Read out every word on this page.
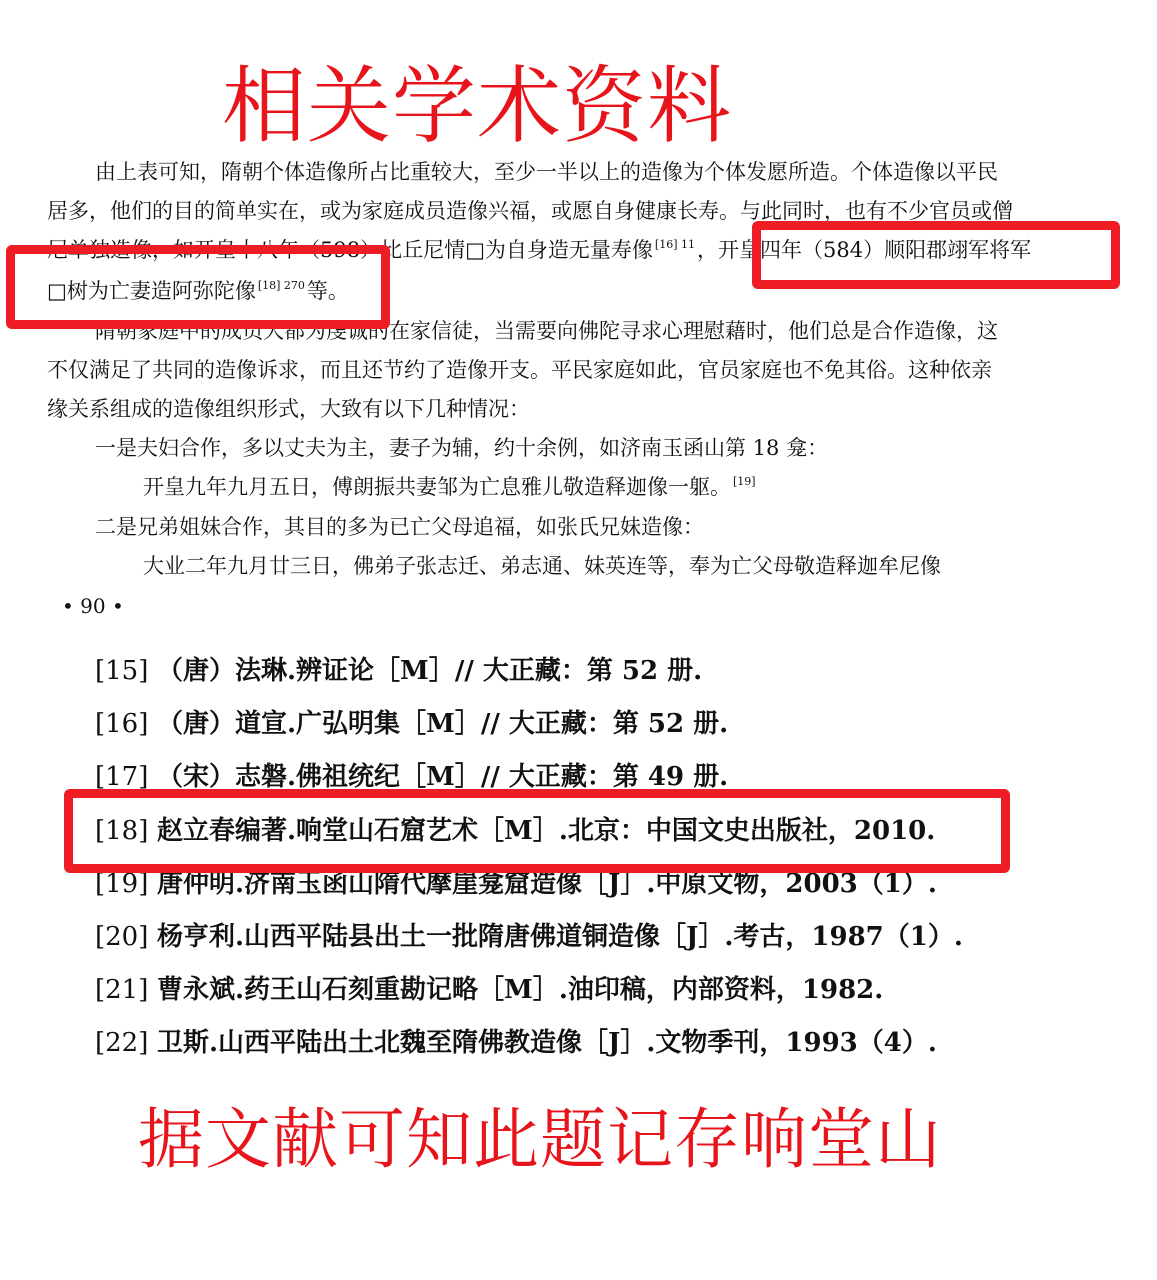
相关学术资料
由上表可知，隋朝个体造像所占比重较大，至少一半以上的造像为个体发愿所造。个体造像以平民
居多，他们的目的简单实在，或为家庭成员造像兴福，或愿自身健康长寿。与此同时，也有不少官员或僧
尼单独造像，如开皇十八年（598）比丘尼情□为自身造无量寿像 $^{[16] 11}$，开皇四年（584）顺阳郡翊军将军
□树为亡妻造阿弥陀像 $^{[18] 270}$等。
隋朝家庭中的成员大都为虔诚的在家信徒，当需要向佛陀寻求心理慰藉时，他们总是合作造像，这
不仅满足了共同的造像诉求，而且还节约了造像开支。平民家庭如此，官员家庭也不免其俗。这种依亲
缘关系组成的造像组织形式，大致有以下几种情况：
一是夫妇合作，多以丈夫为主，妻子为辅，约十余例，如济南玉函山第 18 龛：
开皇九年九月五日，傅朗振共妻邹为亡息雅儿敬造释迦像一躯。 [19]
二是兄弟姐妹合作，其目的多为已亡父母追福，如张氏兄妹造像：
大业二年九月廿三日，佛弟子张志迁、弟志通、妹英连等，奉为亡父母敬造释迦牟尼像
• 90 •
[15] （唐）法琳.辨证论［M］// 大正藏：第 52 册.
[16] （唐）道宣.广弘明集［M］// 大正藏：第 52 册.
[17] （宋）志磐.佛祖统纪［M］// 大正藏：第 49 册.
[18] 赵立春编著.响堂山石窟艺术［M］.北京：中国文史出版社，2010.
[19] 唐仲明.济南玉函山隋代摩崖龛窟造像［J］.中原文物，2003（1）.
[20] 杨亨利.山西平陆县出土一批隋唐佛道铜造像［J］.考古，1987（1）.
[21] 曹永斌.药王山石刻重勘记略［M］.油印稿，内部资料，1982.
[22] 卫斯.山西平陆出土北魏至隋佛教造像［J］.文物季刊，1993（4）.
据文献可知此题记存响堂山
